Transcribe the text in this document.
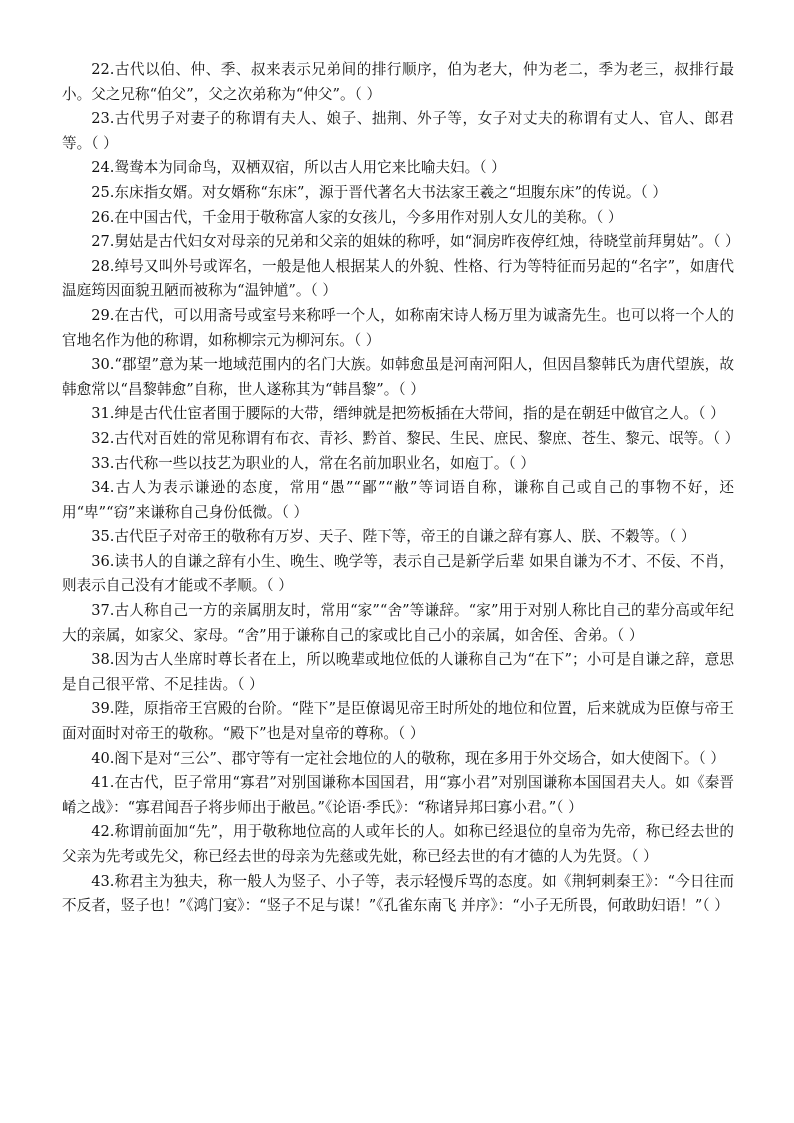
22.古代以伯、仲、季、叔来表示兄弟间的排行顺序，伯为老大，仲为老二，季为老三，叔排行最小。父之兄称“伯父”，父之次弟称为“仲父”。（ ）

23.古代男子对妻子的称谓有夫人、娘子、拙荆、外子等，女子对丈夫的称谓有丈人、官人、郎君等。（ ）

24.鸳鸯本为同命鸟，双栖双宿，所以古人用它来比喻夫妇。（ ）

25.东床指女婿。对女婿称“东床”，源于晋代著名大书法家王羲之“坦腹东床”的传说。（ ）

26.在中国古代，千金用于敬称富人家的女孩儿，今多用作对别人女儿的美称。（ ）

27.舅姑是古代妇女对母亲的兄弟和父亲的姐妹的称呼，如“洞房昨夜停红烛，待晓堂前拜舅姑”。（ ）

28.绰号又叫外号或诨名，一般是他人根据某人的外貌、性格、行为等特征而另起的“名字”，如唐代温庭筠因面貌丑陋而被称为“温钟馗”。（ ）

29.在古代，可以用斋号或室号来称呼一个人，如称南宋诗人杨万里为诚斋先生。也可以将一个人的官地名作为他的称谓，如称柳宗元为柳河东。（ ）

30.“郡望”意为某一地域范围内的名门大族。如韩愈虽是河南河阳人，但因昌黎韩氏为唐代望族，故韩愈常以“昌黎韩愈”自称，世人遂称其为“韩昌黎”。（ ）

31.绅是古代仕宦者围于腰际的大带，缙绅就是把笏板插在大带间，指的是在朝廷中做官之人。（ ）

32.古代对百姓的常见称谓有布衣、青衫、黔首、黎民、生民、庶民、黎庶、苍生、黎元、氓等。（ ）

33.古代称一些以技艺为职业的人，常在名前加职业名，如庖丁。（ ）

34.古人为表示谦逊的态度，常用“愚”“鄙”“敝”等词语自称，谦称自己或自己的事物不好，还用“卑”“窃”来谦称自己身份低微。（ ）

35.古代臣子对帝王的敬称有万岁、天子、陛下等，帝王的自谦之辞有寡人、朕、不穀等。（ ）

36.读书人的自谦之辞有小生、晚生、晚学等，表示自己是新学后辈 如果自谦为不才、不佞、不肖，则表示自己没有才能或不孝顺。（ ）

37.古人称自己一方的亲属朋友时，常用“家”“舍”等谦辞。“家”用于对别人称比自己的辈分高或年纪大的亲属，如家父、家母。“舍”用于谦称自己的家或比自己小的亲属，如舍侄、舍弟。（ ）

38.因为古人坐席时尊长者在上，所以晚辈或地位低的人谦称自己为“在下”；小可是自谦之辞，意思是自己很平常、不足挂齿。（ ）

39.陛，原指帝王宫殿的台阶。“陛下”是臣僚谒见帝王时所处的地位和位置，后来就成为臣僚与帝王面对面时对帝王的敬称。“殿下”也是对皇帝的尊称。（ ）

40.阁下是对“三公”、郡守等有一定社会地位的人的敬称，现在多用于外交场合，如大使阁下。（ ）

41.在古代，臣子常用“寡君”对别国谦称本国国君，用“寡小君”对别国谦称本国国君夫人。如《秦晋崤之战》：“寡君闻吾子将步师出于敝邑。”《论语·季氏》：“称诸异邦曰寡小君。”（ ）

42.称谓前面加“先”，用于敬称地位高的人或年长的人。如称已经退位的皇帝为先帝，称已经去世的父亲为先考或先父，称已经去世的母亲为先慈或先妣，称已经去世的有才德的人为先贤。（ ）

43.称君主为独夫，称一般人为竖子、小子等，表示轻慢斥骂的态度。如《荆轲刺秦王》：“今日往而不反者，竖子也！”《鸿门宴》：“竖子不足与谋！”《孔雀东南飞 并序》：“小子无所畏，何敢助妇语！”（ ）
